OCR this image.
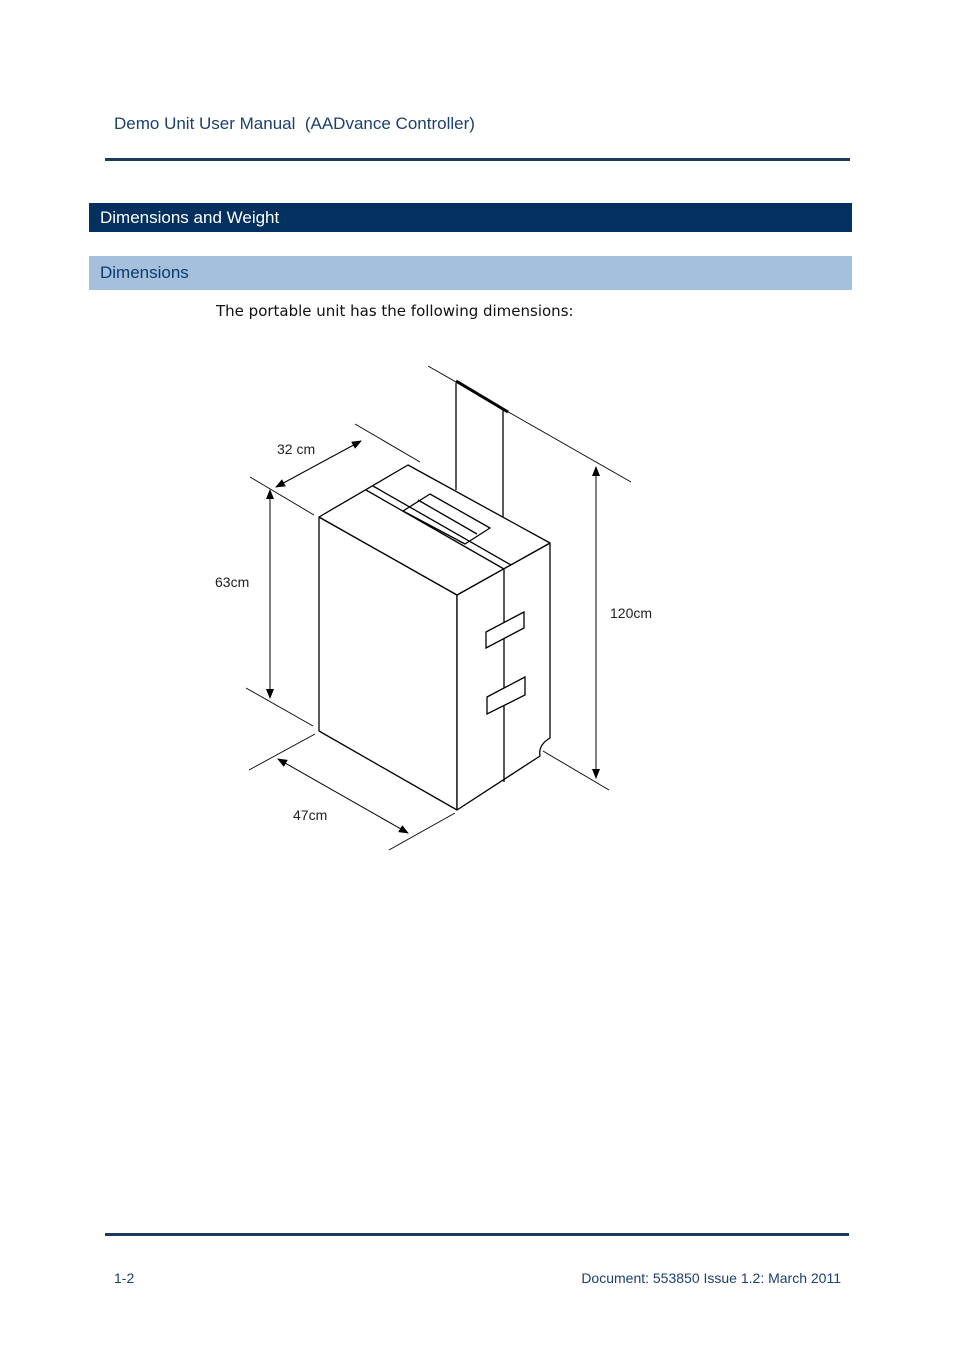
Demo Unit User Manual  (AADvance Controller)
Dimensions and Weight
Dimensions
The portable unit has the following dimensions:
32 cm
63cm
120cm
47cm
1-2	Document: 553850 Issue 1.2: March 2011
